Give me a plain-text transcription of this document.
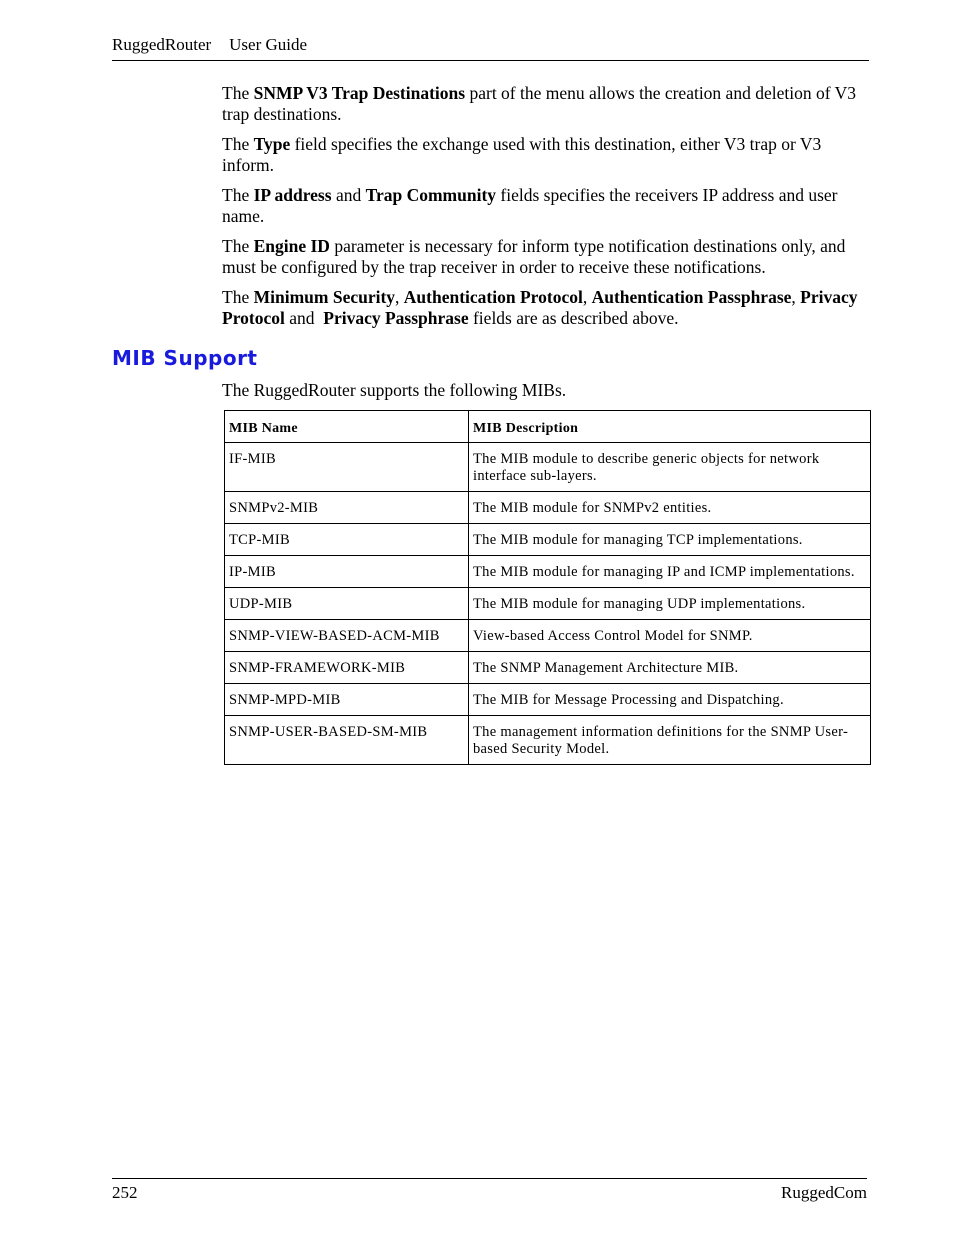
RuggedRouter User Guide

The SNMP V3 Trap Destinations part of the menu allows the creation and deletion of V3 trap destinations.

The Type field specifies the exchange used with this destination, either V3 trap or V3 inform.

The IP address and Trap Community fields specifies the receivers IP address and user name.

The Engine ID parameter is necessary for inform type notification destinations only, and must be configured by the trap receiver in order to receive these notifications.

The Minimum Security, Authentication Protocol, Authentication Passphrase, Privacy Protocol and  Privacy Passphrase fields are as described above.

MIB Support

The RuggedRouter supports the following MIBs.

MIB Name	MIB Description
IF-MIB	The MIB module to describe generic objects for network interface sub-layers.
SNMPv2-MIB	The MIB module for SNMPv2 entities.
TCP-MIB	The MIB module for managing TCP implementations.
IP-MIB	The MIB module for managing IP and ICMP implementations.
UDP-MIB	The MIB module for managing UDP implementations.
SNMP-VIEW-BASED-ACM-MIB	View-based Access Control Model for SNMP.
SNMP-FRAMEWORK-MIB	The SNMP Management Architecture MIB.
SNMP-MPD-MIB	The MIB for Message Processing and Dispatching.
SNMP-USER-BASED-SM-MIB	The management information definitions for the SNMP User-based Security Model.
252	RuggedCom
